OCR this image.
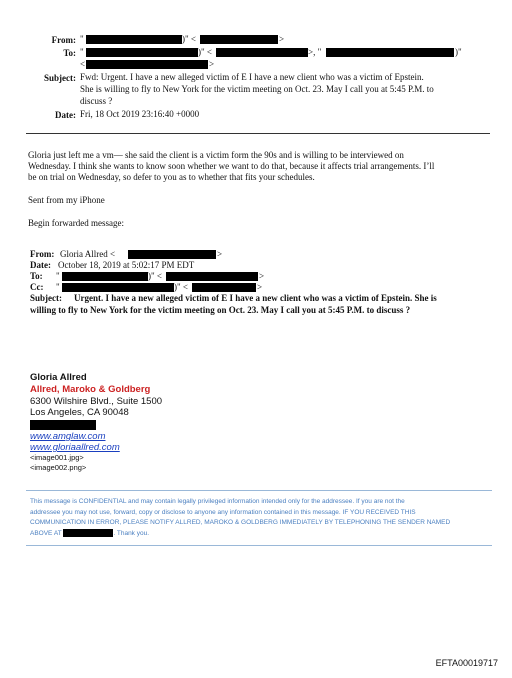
From: "	)" <	>
To: "	)" <	>, "	)"
<	>
Subject: Fwd: Urgent. I have a new alleged victim of E I have a new client who was a victim of Epstein.
She is willing to fly to New York for the victim meeting on Oct. 23. May I call you at 5:45 P.M. to
discuss ?
Date: Fri, 18 Oct 2019 23:16:40 +0000
Gloria just left me a vm— she said the client is a victim form the 90s and is willing to be interviewed on
Wednesday. I think she wants to know soon whether we want to do that, because it affects trial arrangements. I’ll
be on trial on Wednesday, so defer to you as to whether that fits your schedules.
Sent from my iPhone
Begin forwarded message:
From: Gloria Allred <	>
Date: October 18, 2019 at 5:02:17 PM EDT
To: "	)" <	>
Cc: "	)" <	>
Subject: Urgent. I have a new alleged victim of E I have a new client who was a victim of Epstein. She is
willing to fly to New York for the victim meeting on Oct. 23. May I call you at 5:45 P.M. to discuss ?
Gloria Allred
Allred, Maroko & Goldberg
6300 Wilshire Blvd., Suite 1500
Los Angeles, CA 90048
www.amglaw.com
www.gloriaallred.com
<image001.jpg>
<image002.png>
This message is CONFIDENTIAL and may contain legally privileged information intended only for the addressee. If you are not the
addressee you may not use, forward, copy or disclose to anyone any information contained in this message. IF YOU RECEIVED THIS
COMMUNICATION IN ERROR, PLEASE NOTIFY ALLRED, MAROKO & GOLDBERG IMMEDIATELY BY TELEPHONING THE SENDER NAMED
ABOVE AT	. Thank you.
EFTA00019717
